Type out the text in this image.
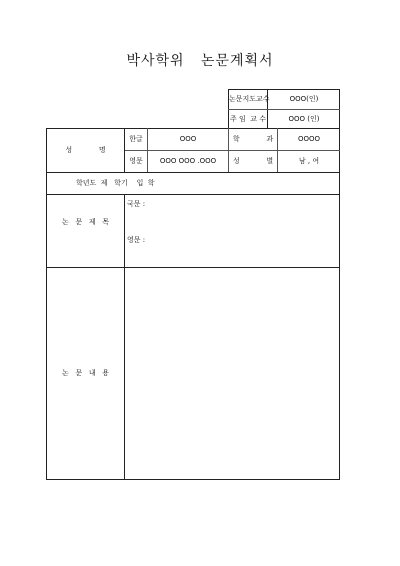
박사학위   논문계획서
논문지도교수	OOO(인)
주 임  교 수	OOO (인)
성            명
한글	OOO	학            과	OOOO
영문	OOO OOO .OOO	성            별	남 , 여
학년도  제   학기    입  학
논   문   제   목
국문 :
영문 :
논   문   내   용
